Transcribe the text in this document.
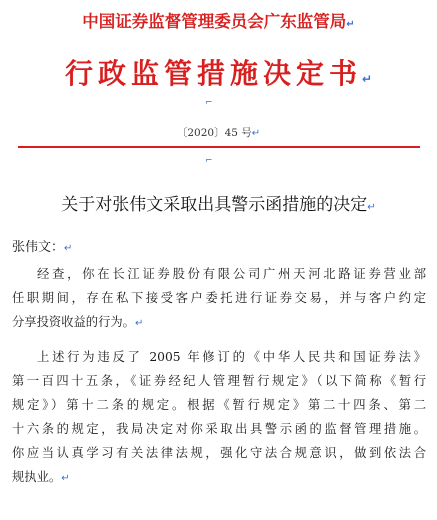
中国证券监督管理委员会广东监管局↵
行政监管措施决定书↵
⌐
〔2020〕45 号↵
⌐
关于对张伟文采取出具警示函措施的决定↵
张伟文：↵
经查，你在长江证券股份有限公司广州天河北路证券营业部
任职期间，存在私下接受客户委托进行证券交易，并与客户约定
分享投资收益的行为。↵
上述行为违反了 2005 年修订的《中华人民共和国证券法》
第一百四十五条，《证券经纪人管理暂行规定》（以下简称《暂行
规定》）第十二条的规定。根据《暂行规定》第二十四条、第二
十六条的规定，我局决定对你采取出具警示函的监督管理措施。
你应当认真学习有关法律法规，强化守法合规意识，做到依法合
规执业。↵
